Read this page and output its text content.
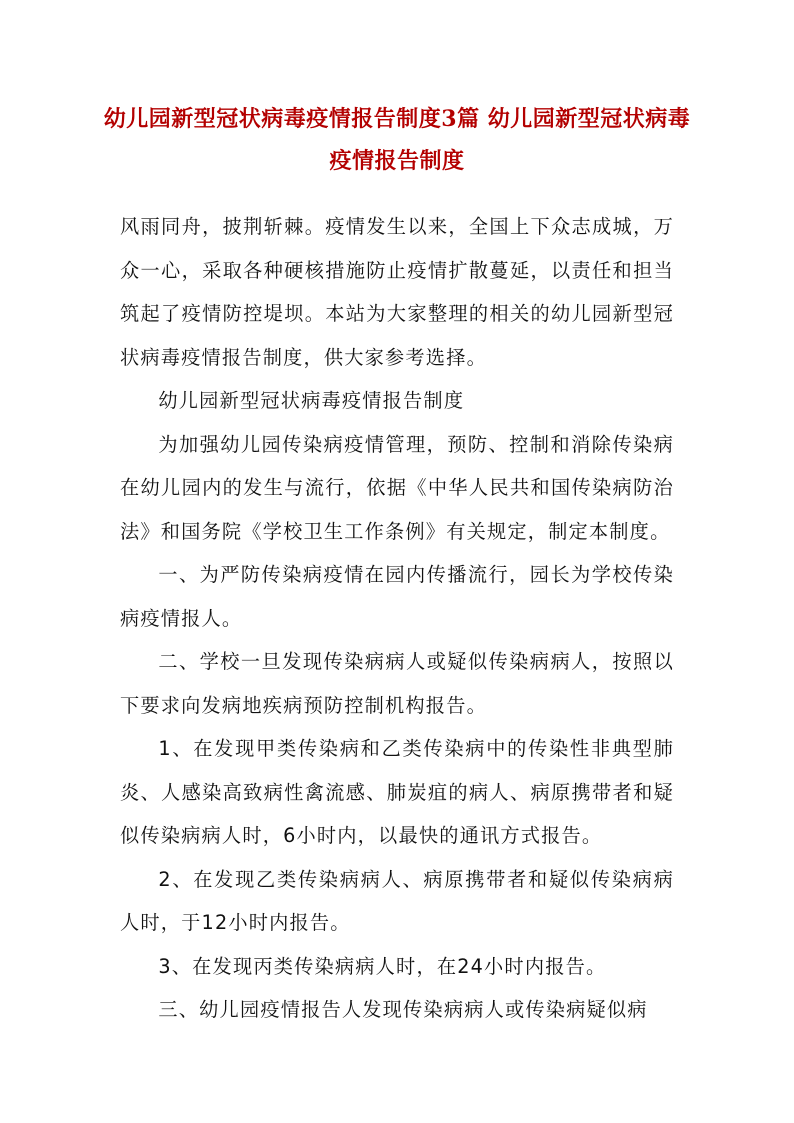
幼儿园新型冠状病毒疫情报告制度3篇 幼儿园新型冠状病毒疫情报告制度

风雨同舟，披荆斩棘。疫情发生以来，全国上下众志成城，万众一心，采取各种硬核措施防止疫情扩散蔓延，以责任和担当筑起了疫情防控堤坝。本站为大家整理的相关的幼儿园新型冠状病毒疫情报告制度，供大家参考选择。

幼儿园新型冠状病毒疫情报告制度

为加强幼儿园传染病疫情管理，预防、控制和消除传染病在幼儿园内的发生与流行，依据《中华人民共和国传染病防治法》和国务院《学校卫生工作条例》有关规定，制定本制度。

一、为严防传染病疫情在园内传播流行，园长为学校传染病疫情报人。

二、学校一旦发现传染病病人或疑似传染病病人，按照以下要求向发病地疾病预防控制机构报告。

1、在发现甲类传染病和乙类传染病中的传染性非典型肺炎、人感染高致病性禽流感、肺炭疽的病人、病原携带者和疑似传染病病人时，6小时内，以最快的通讯方式报告。

2、在发现乙类传染病病人、病原携带者和疑似传染病病人时，于12小时内报告。

3、在发现丙类传染病病人时，在24小时内报告。

三、幼儿园疫情报告人发现传染病病人或传染病疑似病
